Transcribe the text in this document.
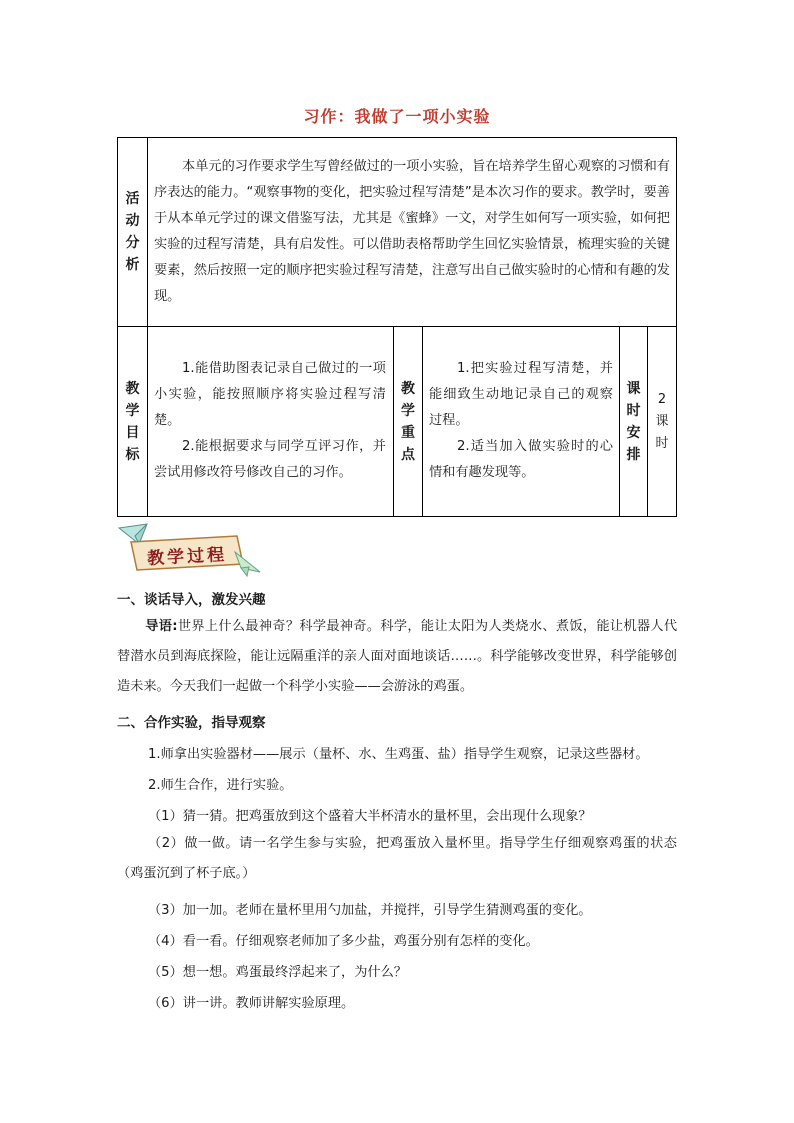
习作：我做了一项小实验
活
动
分
析

本单元的习作要求学生写曾经做过的一项小实验，旨在培养学生留心观察的习惯和有序表达的能力。“观察事物的变化，把实验过程写清楚”是本次习作的要求。教学时，要善于从本单元学过的课文借鉴写法，尤其是《蜜蜂》一文，对学生如何写一项实验，如何把实验的过程写清楚，具有启发性。可以借助表格帮助学生回忆实验情景，梳理实验的关键要素，然后按照一定的顺序把实验过程写清楚，注意写出自己做实验时的心情和有趣的发现。

教
学
目
标

1.能借助图表记录自己做过的一项小实验，能按照顺序将实验过程写清楚。

2.能根据要求与同学互评习作，并尝试用修改符号修改自己的习作。

教
学
重
点

1.把实验过程写清楚，并能细致生动地记录自己的观察过程。

2.适当加入做实验时的心情和有趣发现等。

课
时
安
排
2
课
时
教学过程
一、谈话导入，激发兴趣

导语:世界上什么最神奇？科学最神奇。科学，能让太阳为人类烧水、煮饭，能让机器人代替潜水员到海底探险，能让远隔重洋的亲人面对面地谈话……。科学能够改变世界，科学能够创造未来。今天我们一起做一个科学小实验——会游泳的鸡蛋。

二、合作实验，指导观察
1.师拿出实验器材——展示（量杯、水、生鸡蛋、盐）指导学生观察，记录这些器材。
2.师生合作，进行实验。
（1）猜一猜。把鸡蛋放到这个盛着大半杯清水的量杯里，会出现什么现象？

（2）做一做。请一名学生参与实验，把鸡蛋放入量杯里。指导学生仔细观察鸡蛋的状态（鸡蛋沉到了杯子底。）

（3）加一加。老师在量杯里用勺加盐，并搅拌，引导学生猜测鸡蛋的变化。
（4）看一看。仔细观察老师加了多少盐，鸡蛋分别有怎样的变化。
（5）想一想。鸡蛋最终浮起来了，为什么？
（6）讲一讲。教师讲解实验原理。
